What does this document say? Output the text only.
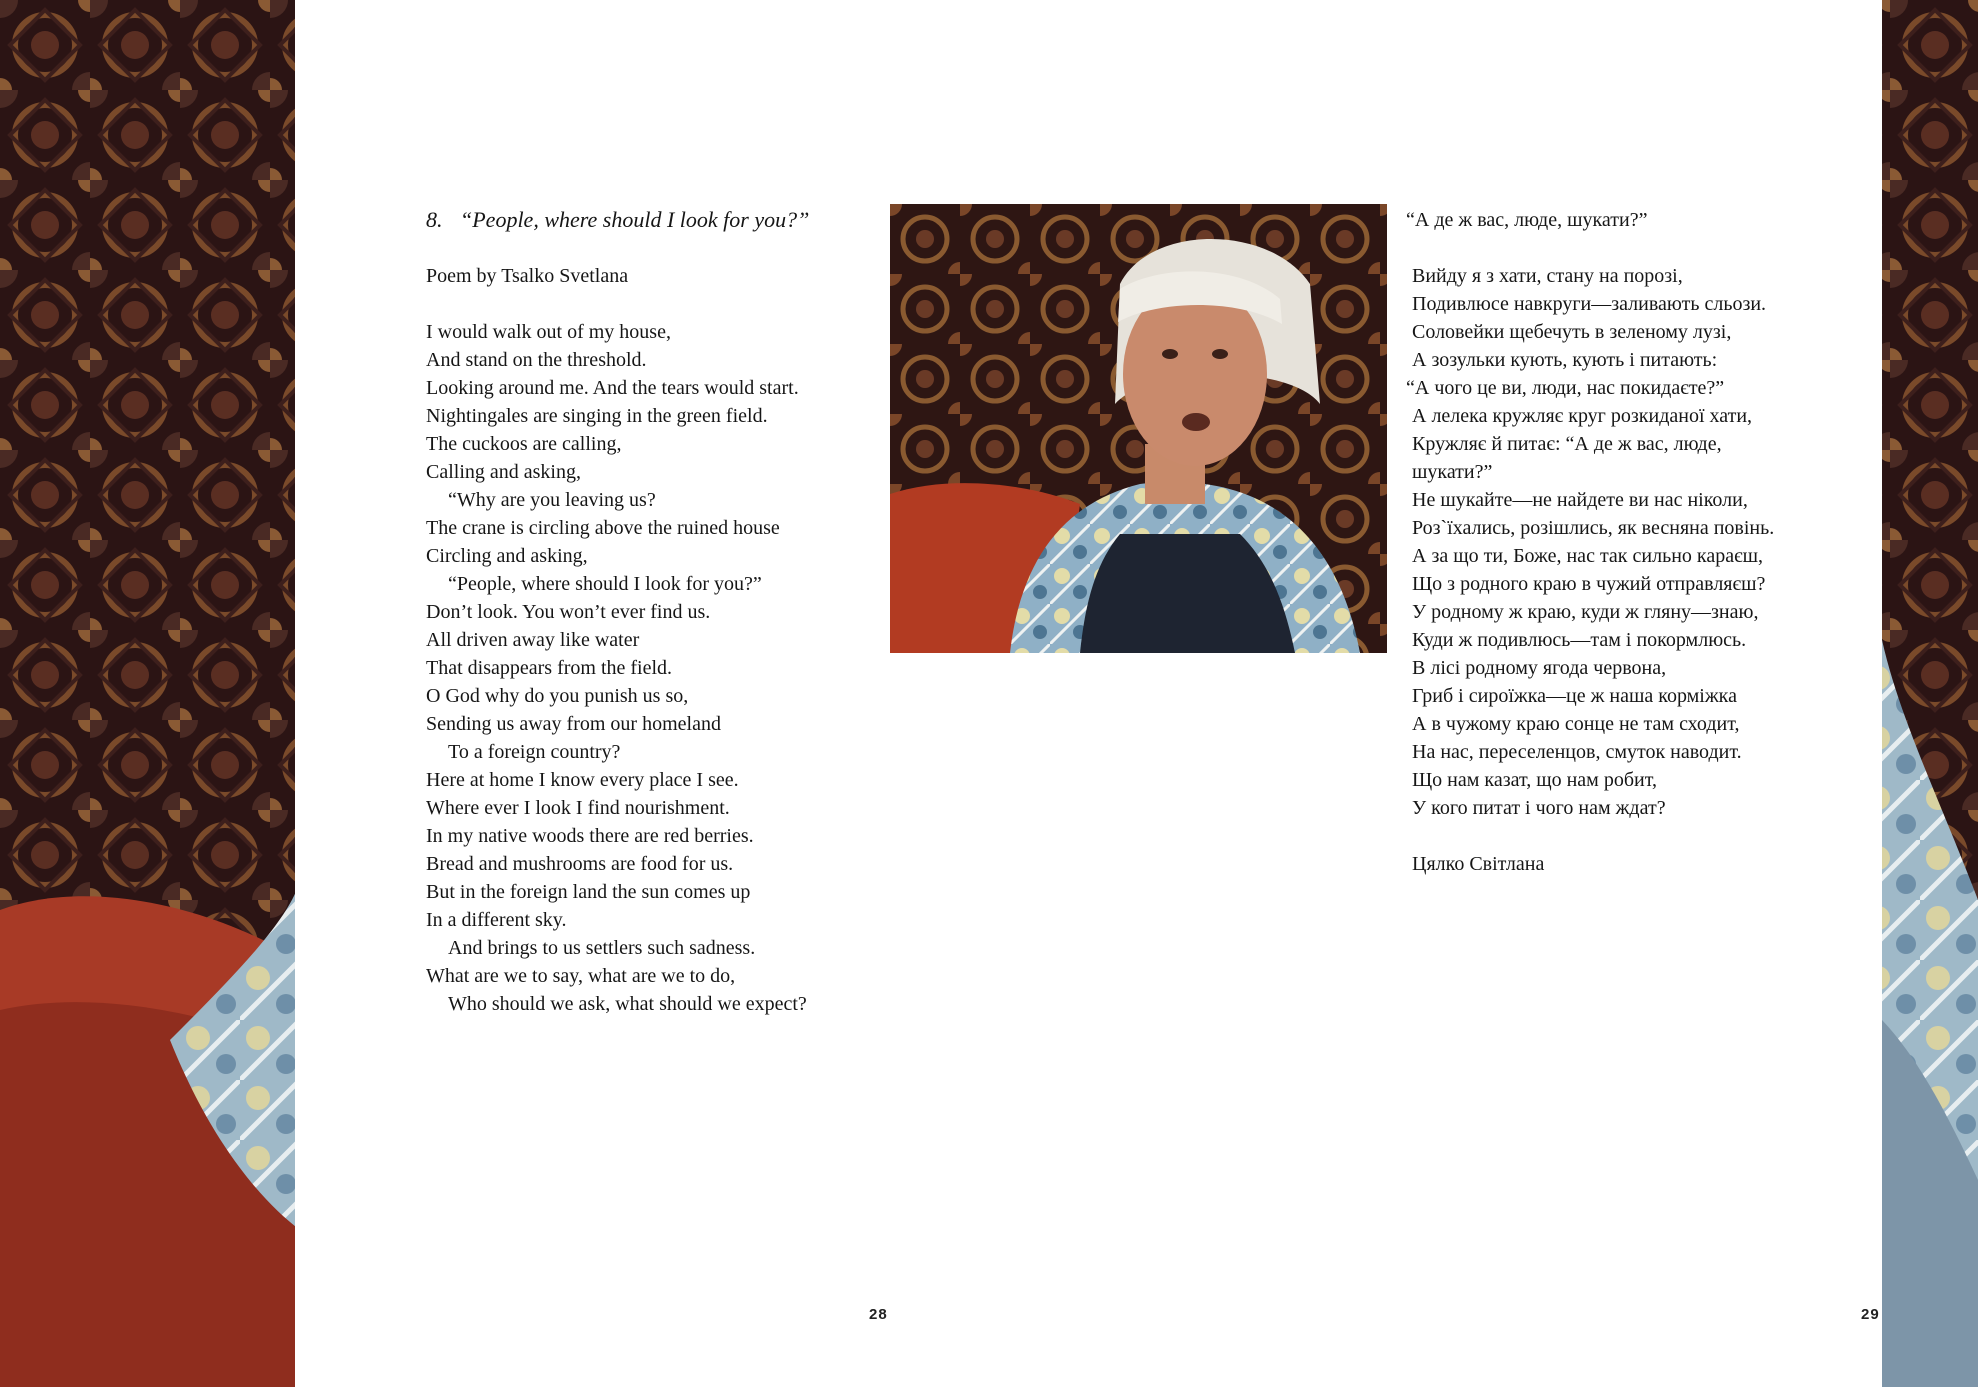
8. “People, where should I look for you?”
Poem by Tsalko Svetlana
I would walk out of my house,
And stand on the threshold.
Looking around me. And the tears would start.
Nightingales are singing in the green field.
The cuckoos are calling,
Calling and asking,
“Why are you leaving us?
The crane is circling above the ruined house
Circling and asking,
“People, where should I look for you?”
Don’t look. You won’t ever find us.
All driven away like water
That disappears from the field.
O God why do you punish us so,
Sending us away from our homeland
To a foreign country?
Here at home I know every place I see.
Where ever I look I find nourishment.
In my native woods there are red berries.
Bread and mushrooms are food for us.
But in the foreign land the sun comes up
In a different sky.
And brings to us settlers such sadness.
What are we to say, what are we to do,
Who should we ask, what should we expect?
“А де ж вас, люде, шукати?”
Вийду я з хати, стану на порозі,
Подивлюсе навкруги—заливають сльози.
Соловейки щебечуть в зеленому лузі,
А зозульки кують, кують і питають:
“А чого це ви, люди, нас покидаєте?”
А лелека кружляє круг розкиданої хати,
Кружляє й питає: “А де ж вас, люде,
шукати?”
Не шукайте—не найдете ви нас ніколи,
Роз`їхались, розішлись, як весняна повінь.
А за що ти, Боже, нас так сильно караєш,
Що з родного краю в чужий отправляєш?
У родному ж краю, куди ж гляну—знаю,
Куди ж подивлюсь—там і покормлюсь.
В лісі родному ягода червона,
Гриб і сироїжка—це ж наша корміжка
А в чужому краю сонце не там сходит,
На нас, переселенцов, смуток наводит.
Що нам казат, що нам робит,
У кого питат і чого нам ждат?
Цялко Світлана
28	29
